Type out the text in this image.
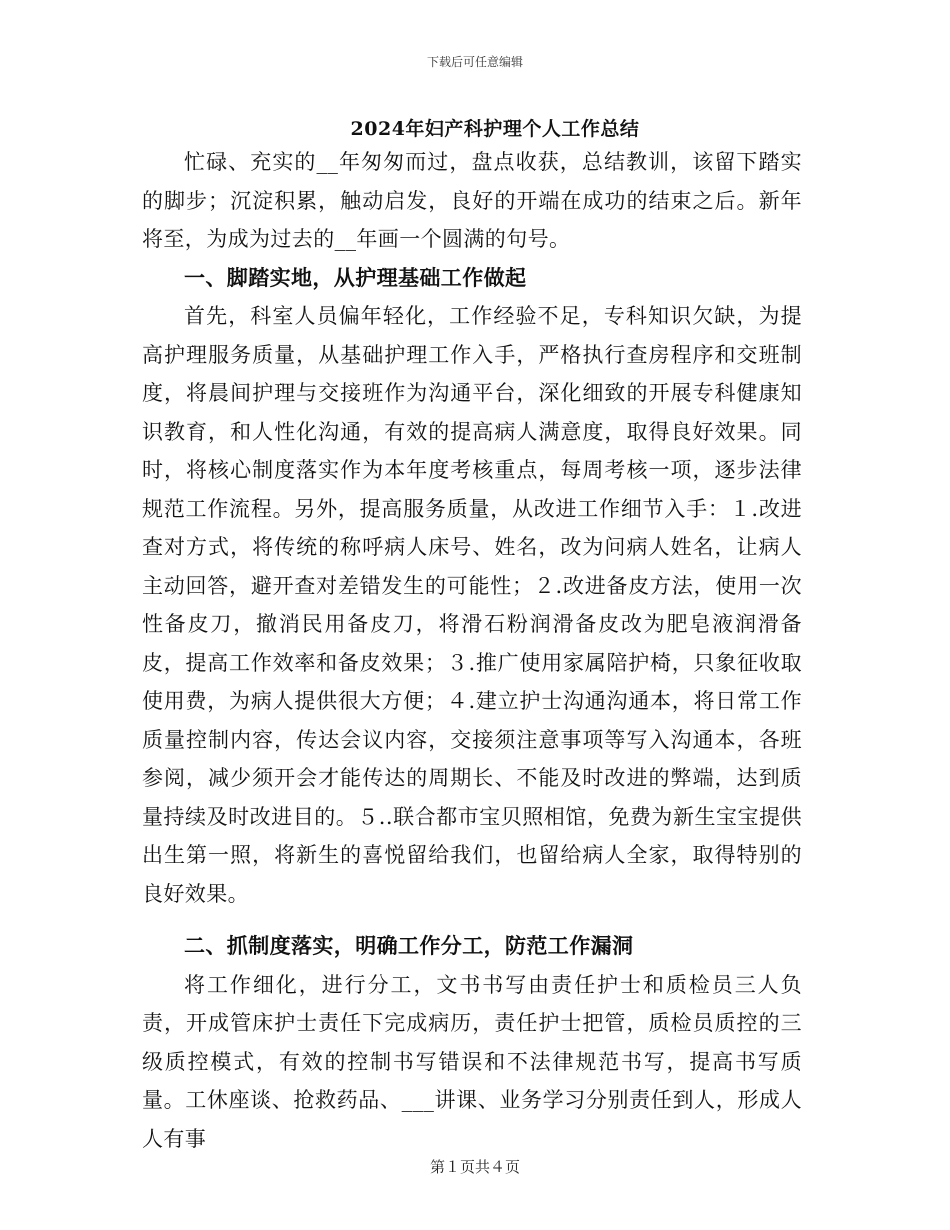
下载后可任意编辑
2024年妇产科护理个人工作总结

忙碌、充实的__年匆匆而过，盘点收获，总结教训，该留下踏实的脚步；沉淀积累，触动启发，良好的开端在成功的结束之后。新年将至，为成为过去的__年画一个圆满的句号。

一、脚踏实地，从护理基础工作做起

首先，科室人员偏年轻化，工作经验不足，专科知识欠缺，为提高护理服务质量，从基础护理工作入手，严格执行查房程序和交班制度，将晨间护理与交接班作为沟通平台，深化细致的开展专科健康知识教育，和人性化沟通，有效的提高病人满意度，取得良好效果。同时，将核心制度落实作为本年度考核重点，每周考核一项，逐步法律规范工作流程。另外，提高服务质量，从改进工作细节入手：１.改进查对方式，将传统的称呼病人床号、姓名，改为问病人姓名，让病人主动回答，避开查对差错发生的可能性；２.改进备皮方法，使用一次性备皮刀，撤消民用备皮刀，将滑石粉润滑备皮改为肥皂液润滑备皮，提高工作效率和备皮效果；３.推广使用家属陪护椅，只象征收取使用费，为病人提供很大方便；４.建立护士沟通沟通本，将日常工作质量控制内容，传达会议内容，交接须注意事项等写入沟通本，各班参阅，减少须开会才能传达的周期长、不能及时改进的弊端，达到质量持续及时改进目的。５..联合都市宝贝照相馆，免费为新生宝宝提供出生第一照，将新生的喜悦留给我们，也留给病人全家，取得特别的良好效果。

二、抓制度落实，明确工作分工，防范工作漏洞

将工作细化，进行分工，文书书写由责任护士和质检员三人负责，开成管床护士责任下完成病历，责任护士把管，质检员质控的三级质控模式，有效的控制书写错误和不法律规范书写，提高书写质量。工休座谈、抢救药品、___讲课、业务学习分别责任到人，形成人人有事

第１页共４页
